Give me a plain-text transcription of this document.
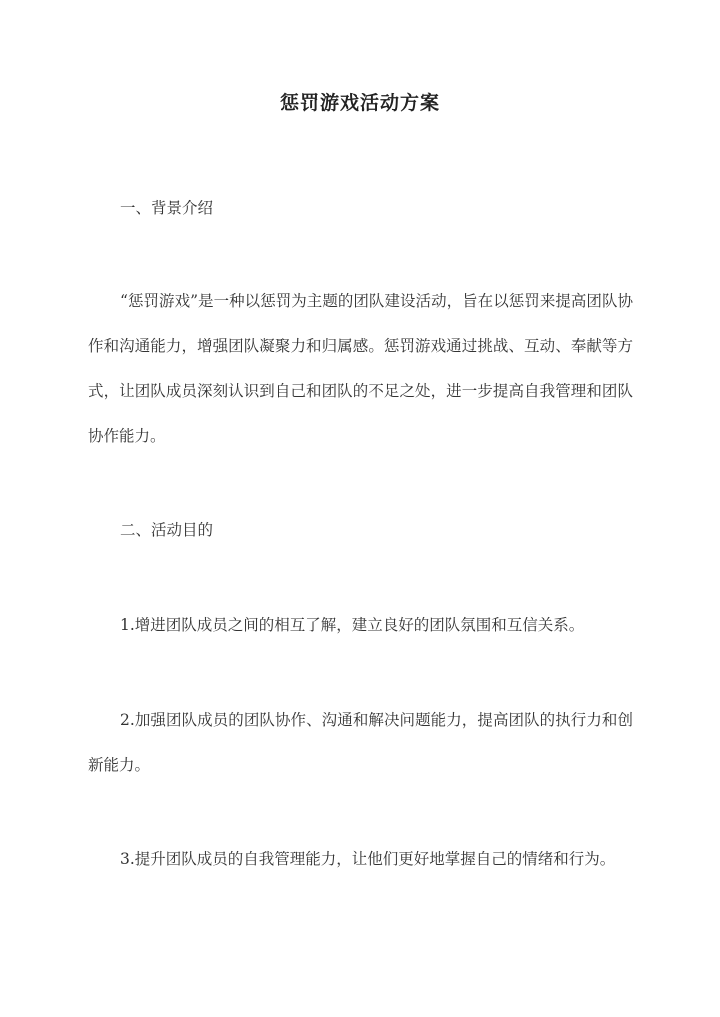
惩罚游戏活动方案

一、背景介绍

“惩罚游戏”是一种以惩罚为主题的团队建设活动，旨在以惩罚来提高团队协作和沟通能力，增强团队凝聚力和归属感。惩罚游戏通过挑战、互动、奉献等方式，让团队成员深刻认识到自己和团队的不足之处，进一步提高自我管理和团队协作能力。

二、活动目的

1.增进团队成员之间的相互了解，建立良好的团队氛围和互信关系。

2.加强团队成员的团队协作、沟通和解决问题能力，提高团队的执行力和创新能力。

3.提升团队成员的自我管理能力，让他们更好地掌握自己的情绪和行为。
